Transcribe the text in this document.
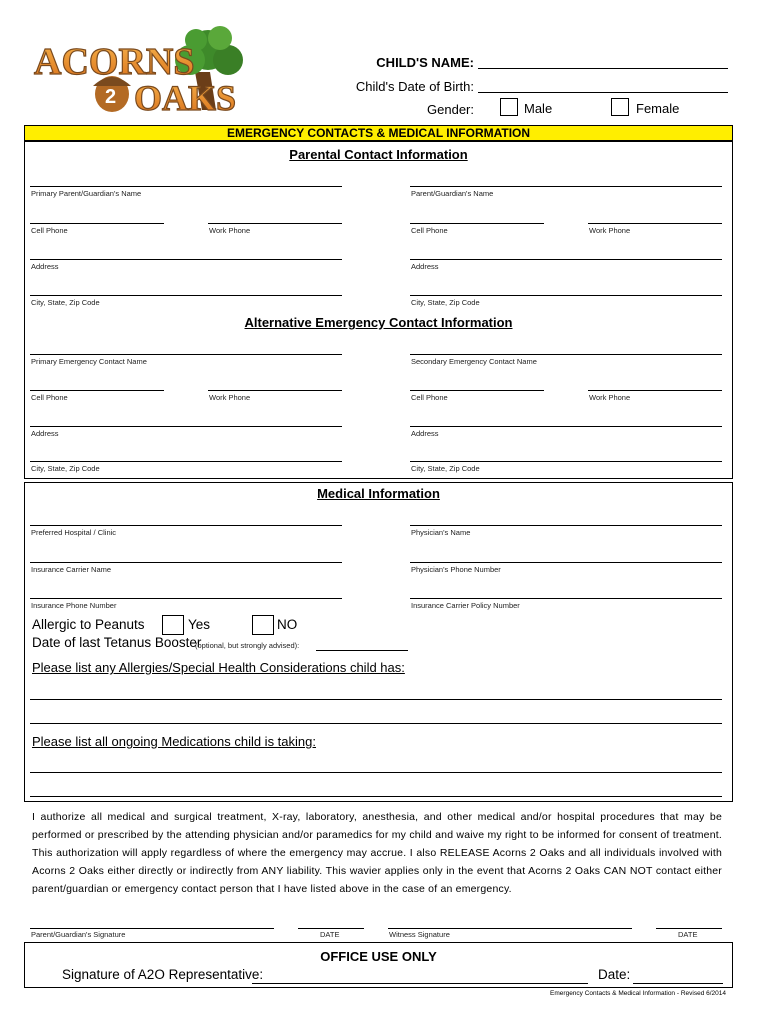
ACORNS
2 OAKS
CHILD'S NAME:
Child's Date of Birth:
Gender:	Male	Female
EMERGENCY CONTACTS & MEDICAL INFORMATION
Parental Contact Information
Primary Parent/Guardian's Name	Parent/Guardian's Name
Cell Phone	Work Phone	Cell Phone	Work Phone
Address	Address
City, State, Zip Code	City, State, Zip Code
Alternative Emergency Contact Information
Primary Emergency Contact Name	Secondary Emergency Contact Name
Cell Phone	Work Phone	Cell Phone	Work Phone
Address	Address
City, State, Zip Code	City, State, Zip Code
Medical Information
Preferred Hospital / Clinic	Physician's Name
Insurance Carrier Name	Physician's Phone Number
Insurance Phone Number	Insurance Carrier Policy Number
Allergic to Peanuts	Yes	NO
Date of last Tetanus Booster
(optional, but strongly advised):
Please list any Allergies/Special Health Considerations child has:
Please list all ongoing Medications child is taking:
I authorize all medical and surgical treatment, X-ray, laboratory, anesthesia, and other medical and/or hospital procedures that may be performed or prescribed by the attending physician and/or paramedics for my child and waive my right to be informed for consent of treatment. This authorization will apply regardless of where the emergency may accrue. I also RELEASE Acorns 2 Oaks and all individuals involved with Acorns 2 Oaks either directly or indirectly from ANY liability. This wavier applies only in the event that Acorns 2 Oaks CAN NOT contact either parent/guardian or emergency contact person that I have listed above in the case of an emergency.
Parent/Guardian's Signature	DATE	Witness Signature	DATE
OFFICE USE ONLY
Signature of A2O Representative:	Date:
Emergency Contacts & Medical Information - Revised 6/2014
